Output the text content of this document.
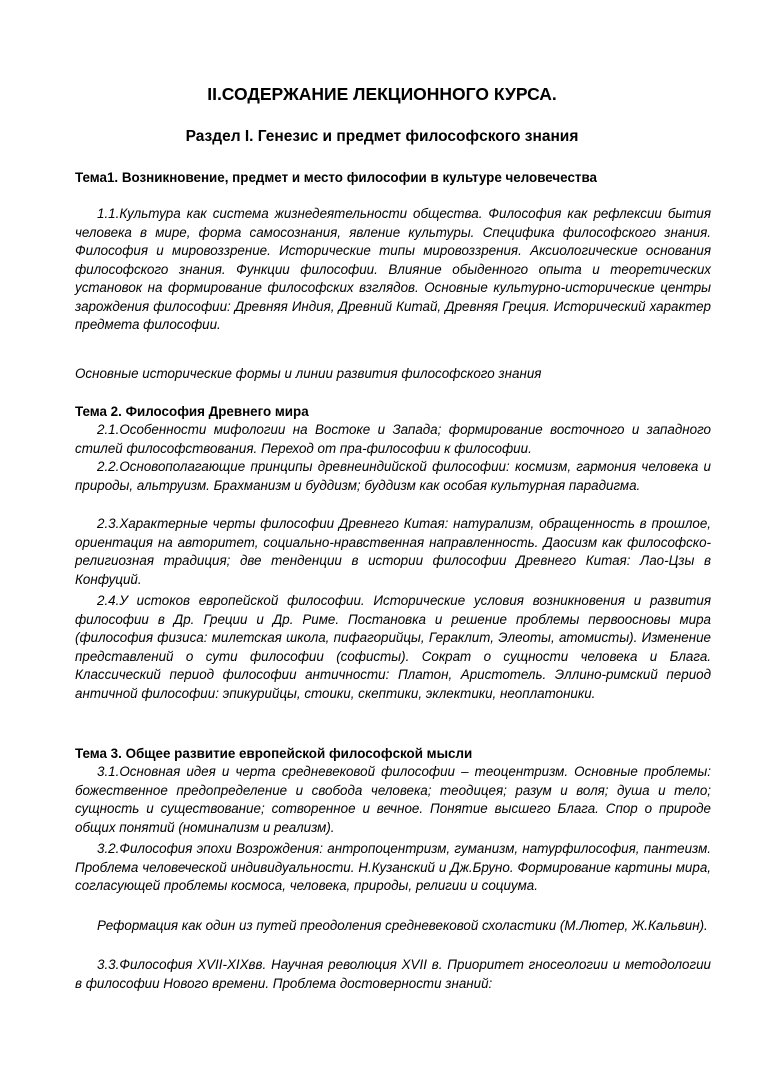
II.СОДЕРЖАНИЕ ЛЕКЦИОННОГО КУРСА.
Раздел I. Генезис и предмет философского знания
Тема1. Возникновение, предмет и место философии в культуре человечества

1.1.Культура как система жизнедеятельности общества. Философия как рефлексии бытия человека в мире, форма самосознания, явление культуры. Специфика философского знания. Философия и мировоззрение. Исторические типы мировоззрения. Аксиологические основания философского знания. Функции философии. Влияние обыденного опыта и теоретических установок на формирование философских взглядов. Основные культурно-исторические центры зарождения философии: Древняя Индия, Древний Китай, Древняя Греция. Исторический характер предмета философии.

Основные исторические формы и линии развития философского знания

Тема 2. Философия Древнего мира

2.1.Особенности мифологии на Востоке и Запада; формирование восточного и западного стилей философствования. Переход от пра-философии к философии.

2.2.Основополагающие принципы древнеиндийской философии: космизм, гармония человека и природы, альтруизм. Брахманизм и буддизм; буддизм как особая культурная парадигма.

2.3.Характерные черты философии Древнего Китая: натурализм, обращенность в прошлое, ориентация на авторитет, социально-нравственная направленность. Даосизм как философско-религиозная традиция; две тенденции в истории философии Древнего Китая: Лао-Цзы в Конфуций.

2.4.У истоков европейской философии. Исторические условия возникновения и развития философии в Др. Греции и Др. Риме. Постановка и решение проблемы первоосновы мира (философия физиса: милетская школа, пифагорийцы, Гераклит, Элеоты, атомисты). Изменение представлений о сути философии (софисты). Сократ о сущности человека и Блага. Классический период философии античности: Платон, Аристотель. Эллино-римский период античной философии: эпикурийцы, стоики, скептики, эклектики, неоплатоники.

Тема 3. Общее развитие европейской философской мысли

3.1.Основная идея и черта средневековой философии – теоцентризм. Основные проблемы: божественное предопределение и свобода человека; теодицея; разум и воля; душа и тело; сущность и существование; сотворенное и вечное. Понятие высшего Блага. Спор о природе общих понятий (номинализм и реализм).

3.2.Философия эпохи Возрождения: антропоцентризм, гуманизм, натурфилософия, пантеизм. Проблема человеческой индивидуальности. Н.Кузанский и Дж.Бруно. Формирование картины мира, согласующей проблемы космоса, человека, природы, религии и социума.

Реформация как один из путей преодоления средневековой схоластики (М.Лютер, Ж.Кальвин).

3.3.Философия XVII-XIXвв. Научная революция XVII в. Приоритет гносеологии и методологии в философии Нового времени. Проблема достоверности знаний:
